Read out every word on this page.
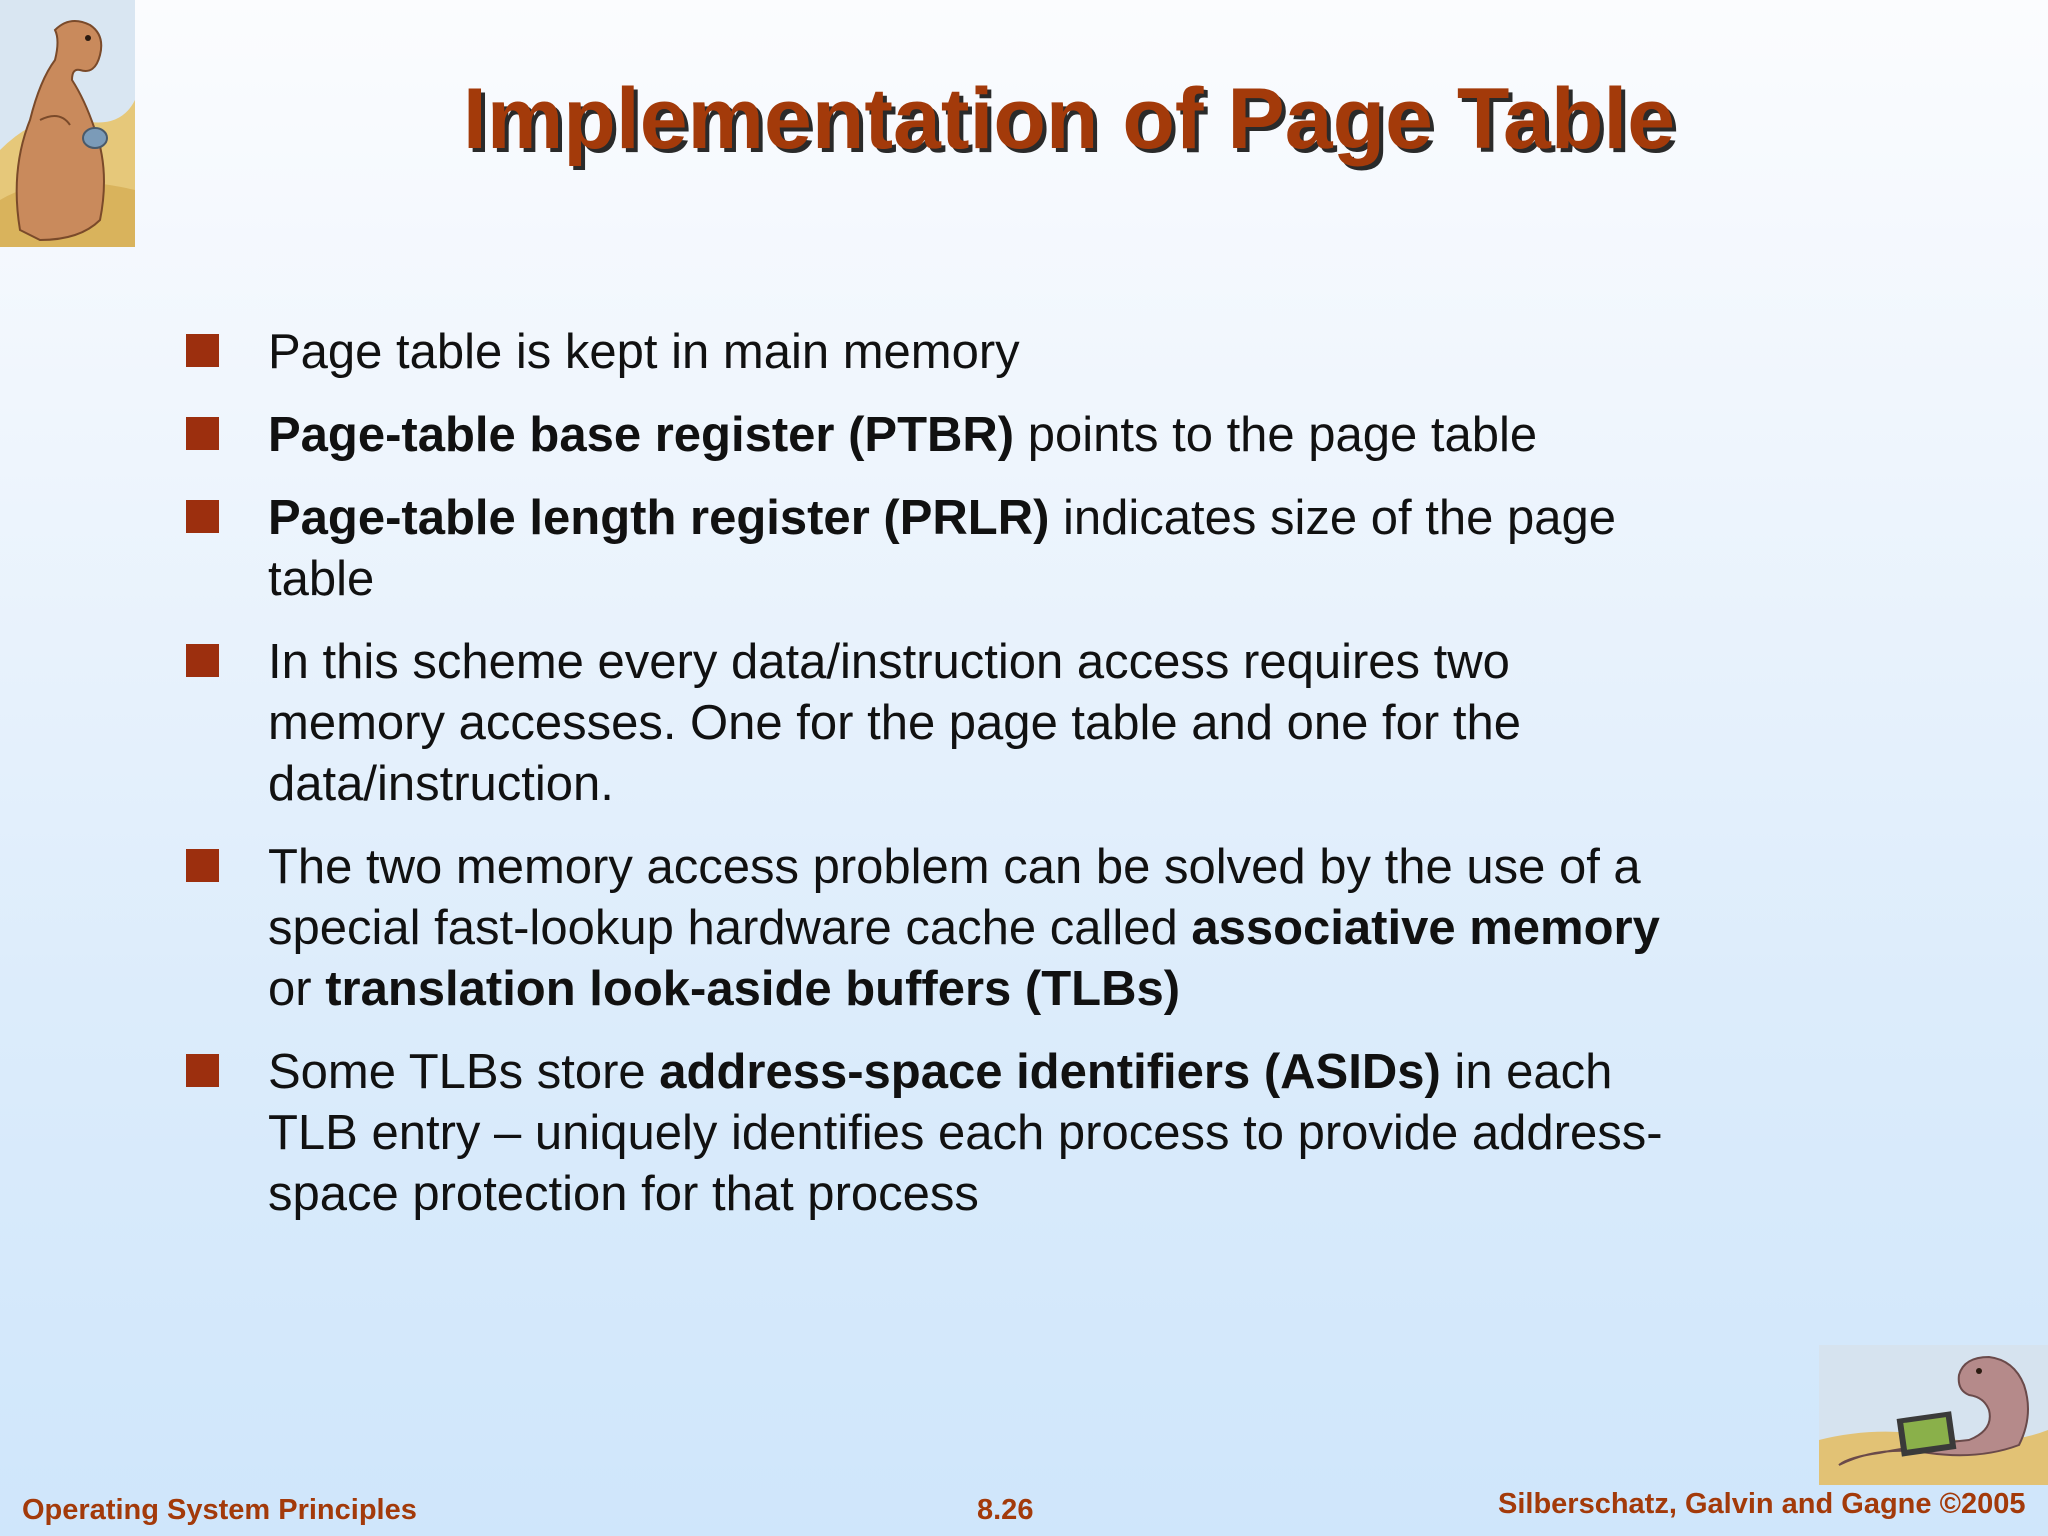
Implementation of Page Table
Page table is kept in main memory
Page-table base register (PTBR) points to the page table
Page-table length register (PRLR) indicates size of the page table
In this scheme every data/instruction access requires two memory accesses. One for the page table and one for the data/instruction.
The two memory access problem can be solved by the use of a special fast-lookup hardware cache called associative memory or translation look-aside buffers (TLBs)
Some TLBs store address-space identifiers (ASIDs) in each TLB entry – uniquely identifies each process to provide address-space protection for that process
Operating System Principles	8.26	Silberschatz, Galvin and Gagne ©2005
